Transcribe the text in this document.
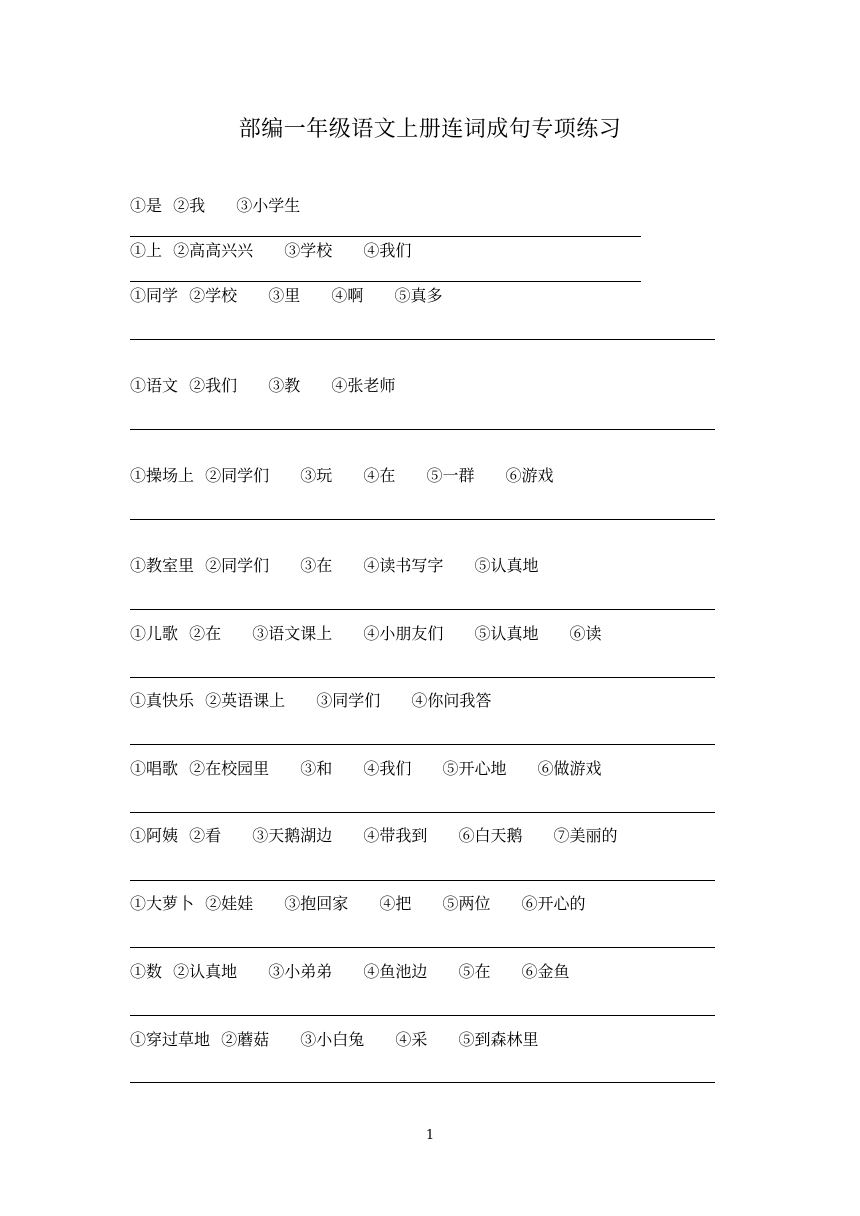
部编一年级语文上册连词成句专项练习
①是 ②我 ③小学生
①上 ②高高兴兴 ③学校 ④我们
①同学 ②学校 ③里 ④啊 ⑤真多
①语文 ②我们 ③教 ④张老师
①操场上 ②同学们 ③玩 ④在 ⑤一群 ⑥游戏
①教室里 ②同学们 ③在 ④读书写字 ⑤认真地
①儿歌 ②在 ③语文课上 ④小朋友们 ⑤认真地 ⑥读
①真快乐 ②英语课上 ③同学们 ④你问我答
①唱歌 ②在校园里 ③和 ④我们 ⑤开心地 ⑥做游戏
①阿姨 ②看 ③天鹅湖边 ④带我到 ⑥白天鹅 ⑦美丽的
①大萝卜 ②娃娃 ③抱回家 ④把 ⑤两位 ⑥开心的
①数 ②认真地 ③小弟弟 ④鱼池边 ⑤在 ⑥金鱼
①穿过草地 ②蘑菇 ③小白兔 ④采 ⑤到森林里
1
